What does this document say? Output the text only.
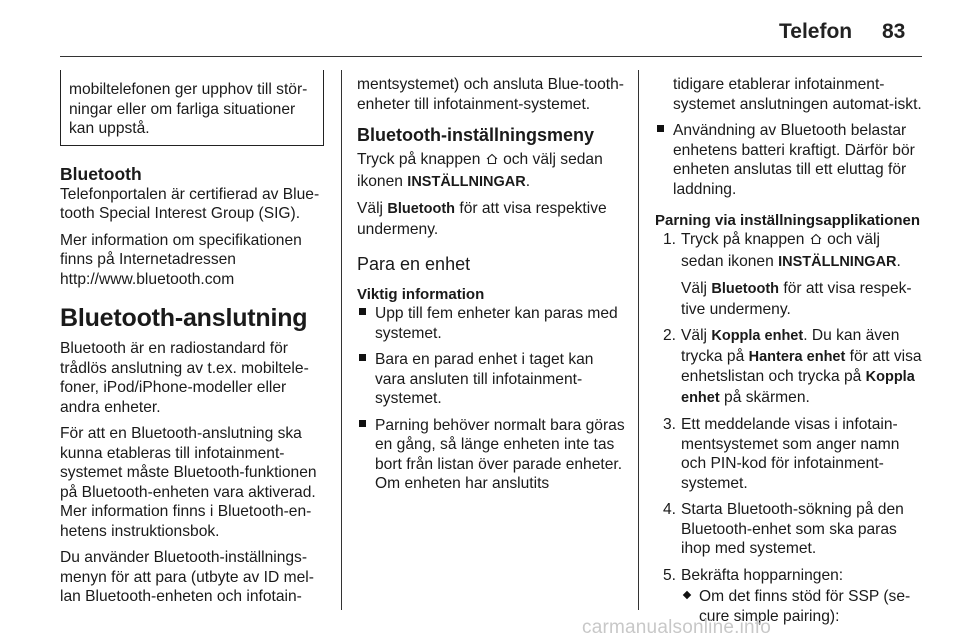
Telefon 83

mobiltelefonen ger upphov till stör-ningar eller om farliga situationer kan uppstå.

Bluetooth

Telefonportalen är certifierad av Blue-tooth Special Interest Group (SIG).

Mer information om specifikationen finns på Internetadressen http://www.bluetooth.com

Bluetooth-anslutning

Bluetooth är en radiostandard för trådlös anslutning av t.ex. mobiltele-foner, iPod/iPhone-modeller eller andra enheter.

För att en Bluetooth-anslutning ska kunna etableras till infotainment-systemet måste Bluetooth-funktionen på Bluetooth-enheten vara aktiverad. Mer information finns i Bluetooth-en-hetens instruktionsbok.

Du använder Bluetooth-inställnings-menyn för att para (utbyte av ID mel-lan Bluetooth-enheten och infotain-

mentsystemet) och ansluta Blue-tooth-enheter till infotainment-systemet.

Bluetooth-inställningsmeny

Tryck på knappen och välj sedan ikonen INSTÄLLNINGAR.

Välj Bluetooth för att visa respektive undermeny.

Para en enhet
Viktig information
Upp till fem enheter kan paras med systemet.
Bara en parad enhet i taget kan vara ansluten till infotainment-systemet.
Parning behöver normalt bara göras en gång, så länge enheten inte tas bort från listan över parade enheter. Om enheten har anslutits

tidigare etablerar infotainment-systemet anslutningen automat-iskt.

Användning av Bluetooth belastar enhetens batteri kraftigt. Därför bör enheten anslutas till ett eluttag för laddning.
Parning via inställningsapplikationen
1. Tryck på knappen och välj sedan ikonen INSTÄLLNINGAR.

Välj Bluetooth för att visa respek-tive undermeny.

2. Välj Koppla enhet. Du kan även trycka på Hantera enhet för att visa enhetslistan och trycka på Koppla enhet på skärmen.
3. Ett meddelande visas i infotain-mentsystemet som anger namn och PIN-kod för infotainment-systemet.
4. Starta Bluetooth-sökning på den Bluetooth-enhet som ska paras ihop med systemet.
5. Bekräfta hopparningen:
Om det finns stöd för SSP (se-cure simple pairing):
carmanualsonline.info
